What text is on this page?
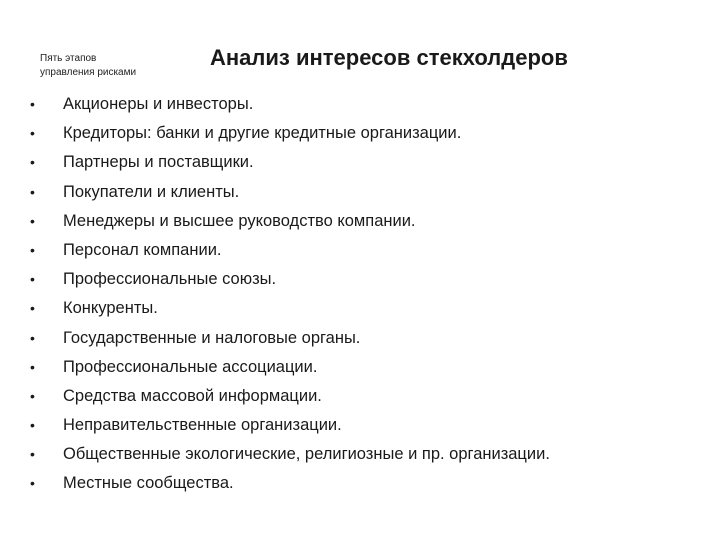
Пять этапов
управления рисками
Анализ интересов стекхолдеров
•	Акционеры и инвесторы.
•	Кредиторы: банки и другие кредитные организации.
•	Партнеры и поставщики.
•	Покупатели и клиенты.
•	Менеджеры и высшее руководство компании.
•	Персонал компании.
•	Профессиональные союзы.
•	Конкуренты.
•	Государственные и налоговые органы.
•	Профессиональные ассоциации.
•	Средства массовой информации.
•	Неправительственные организации.
•	Общественные экологические, религиозные и пр. организации.
•	Местные сообщества.
